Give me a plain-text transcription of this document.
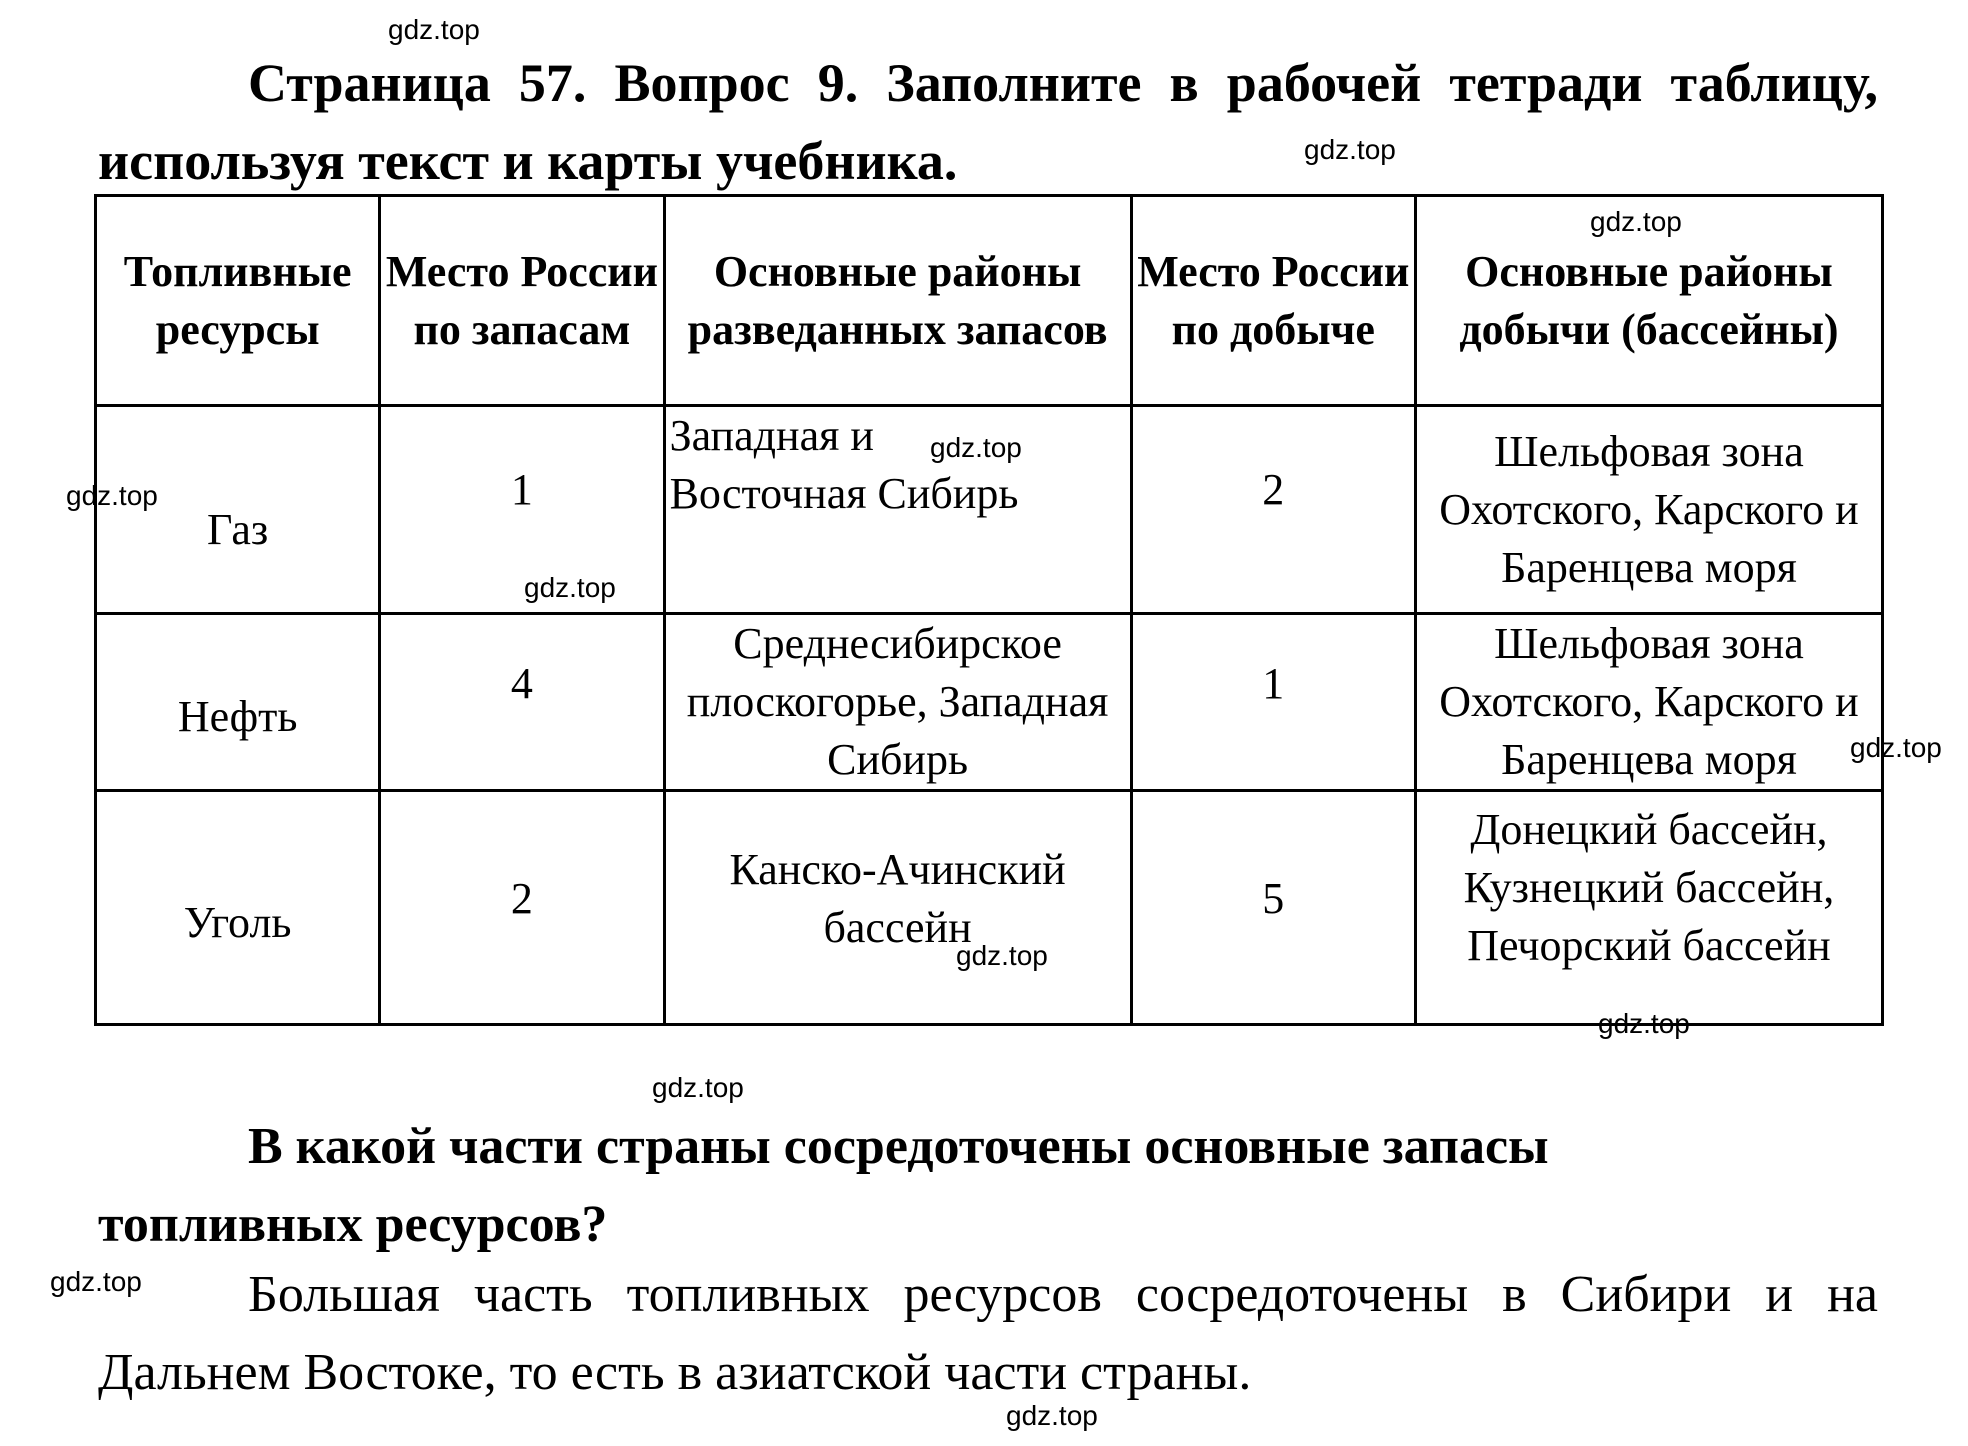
gdz.top
gdz.top
gdz.top
gdz.top
gdz.top
gdz.top
gdz.top
gdz.top
gdz.top
gdz.top
gdz.top
gdz.top

Страница 57. Вопрос 9. Заполните в рабочей тетради таблицу, используя текст и карты учебника.

Топливные ресурсы	Место России по запасам	Основные районы разведанных запасов	Место России по добыче	Основные районы добычи (бассейны)
Газ	1	Западная и Восточная Сибирь	2	Шельфовая зона Охотского, Карского и Баренцева моря
Нефть	4	Среднесибирское плоскогорье, Западная Сибирь	1	Шельфовая зона Охотского, Карского и Баренцева моря
Уголь	2	Канско-Ачинский бассейн	5	Донецкий бассейн, Кузнецкий бассейн, Печорский бассейн

В какой части страны сосредоточены основные запасы топливных ресурсов?

Большая часть топливных ресурсов сосредоточены в Сибири и на Дальнем Востоке, то есть в азиатской части страны.
